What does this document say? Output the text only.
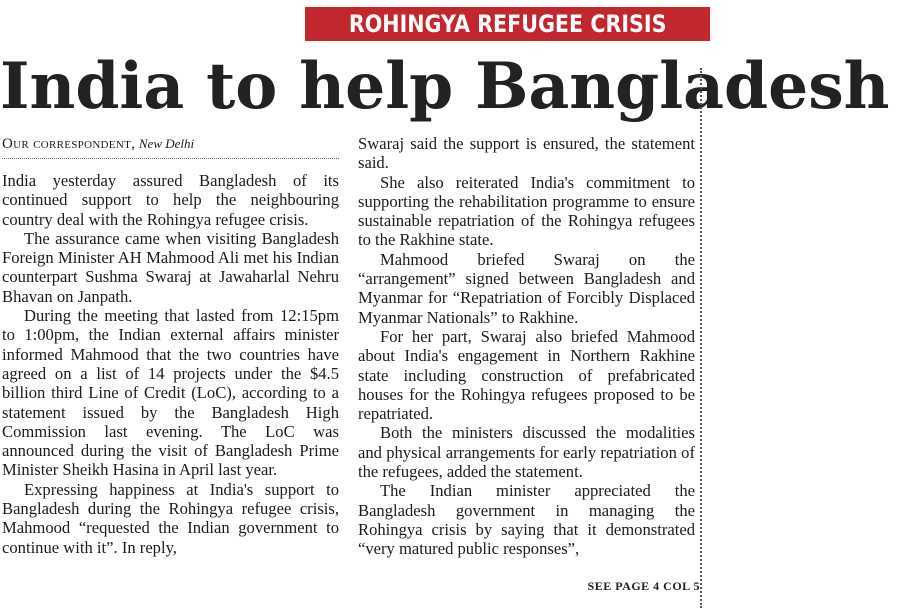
ROHINGYA REFUGEE CRISIS
India to help Bangladesh
Our correspondent, New Delhi

India yesterday assured Bangladesh of its continued support to help the neighbouring country deal with the Rohingya refugee crisis.

The assurance came when visiting Bangladesh Foreign Minister AH Mahmood Ali met his Indian counterpart Sushma Swaraj at Jawaharlal Nehru Bhavan on Janpath.

During the meeting that lasted from 12:15pm to 1:00pm, the Indian external affairs minister informed Mahmood that the two countries have agreed on a list of 14 projects under the $4.5 billion third Line of Credit (LoC), according to a statement issued by the Bangladesh High Commission last evening. The LoC was announced during the visit of Bangladesh Prime Minister Sheikh Hasina in April last year.

Expressing happiness at India's support to Bangladesh during the Rohingya refugee crisis, Mahmood “requested the Indian government to continue with it”. In reply,

Swaraj said the support is ensured, the statement said.

She also reiterated India's commitment to supporting the rehabilitation programme to ensure sustainable repatriation of the Rohingya refugees to the Rakhine state.

Mahmood briefed Swaraj on the “arrangement” signed between Bangladesh and Myanmar for “Repatriation of Forcibly Displaced Myanmar Nationals” to Rakhine.

For her part, Swaraj also briefed Mahmood about India's engagement in Northern Rakhine state including construction of prefabricated houses for the Rohingya refugees proposed to be repatriated.

Both the ministers discussed the modalities and physical arrangements for early repatriation of the refugees, added the statement.

The Indian minister appreciated the Bangladesh government in managing the Rohingya crisis by saying that it demonstrated “very matured public responses”,

SEE PAGE 4 COL 5
